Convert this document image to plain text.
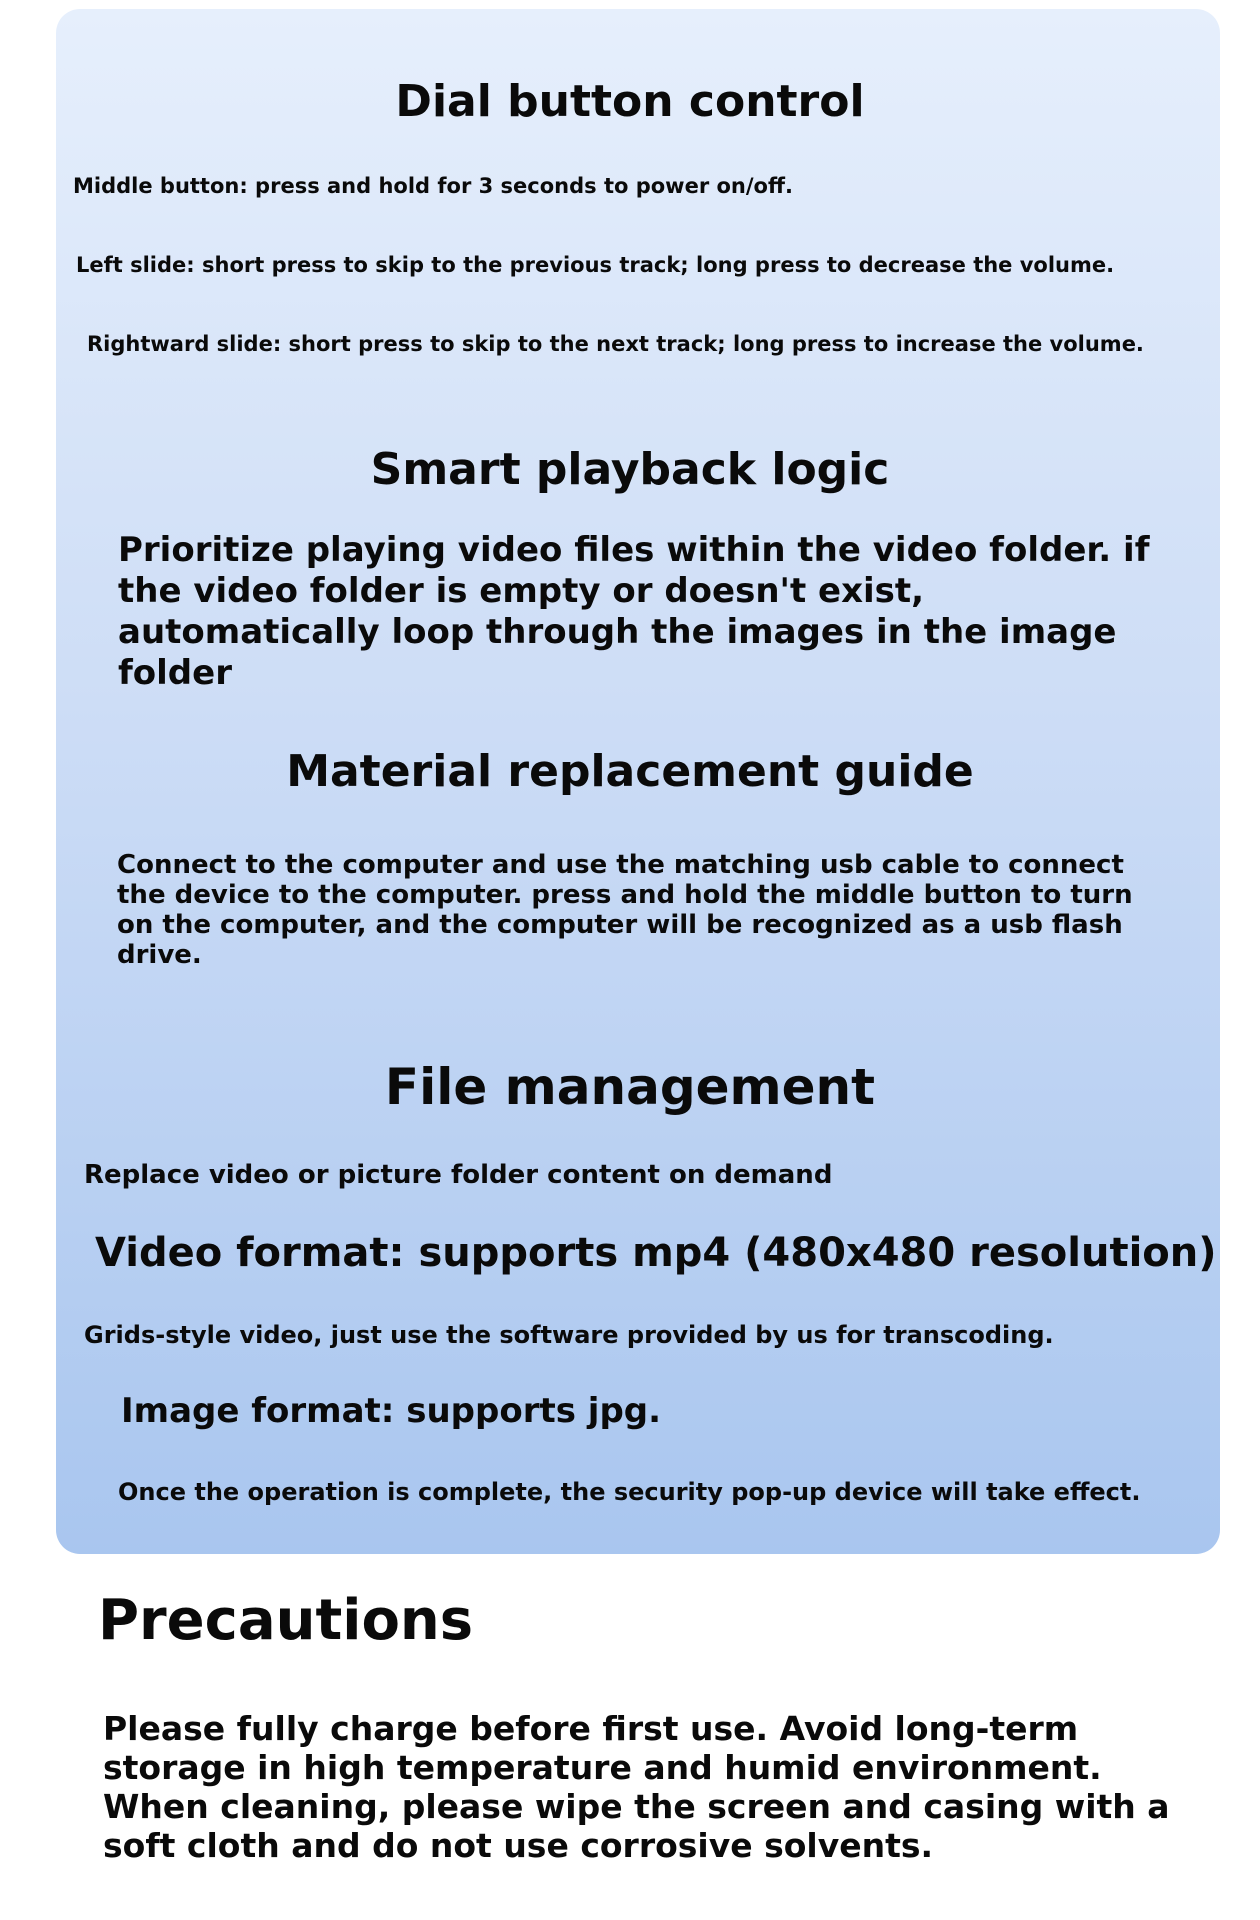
Dial button control

Middle button: press and hold for 3 seconds to power on/off.

Left slide: short press to skip to the previous track; long press to decrease the volume.

Rightward slide: short press to skip to the next track; long press to increase the volume.

Smart playback logic

Prioritize playing video files within the video folder. if the video folder is empty or doesn't exist, automatically loop through the images in the image folder

Material replacement guide

Connect to the computer and use the matching usb cable to connect the device to the computer. press and hold the middle button to turn on the computer, and the computer will be recognized as a usb flash drive.

File management

Replace video or picture folder content on demand

Video format: supports mp4 (480x480 resolution)

Grids-style video, just use the software provided by us for transcoding.

Image format: supports jpg.

Once the operation is complete, the security pop-up device will take effect.

Precautions

Please fully charge before first use. Avoid long-term storage in high temperature and humid environment. When cleaning, please wipe the screen and casing with a soft cloth and do not use corrosive solvents.
